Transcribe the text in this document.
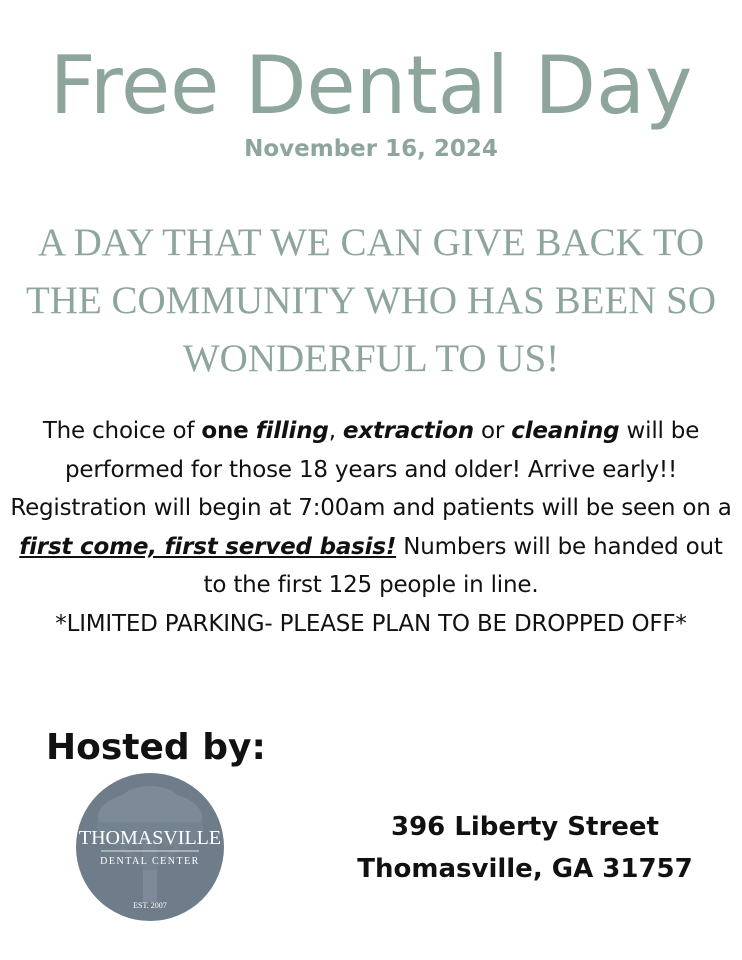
Free Dental Day
November 16, 2024
A DAY THAT WE CAN GIVE BACK TO THE COMMUNITY WHO HAS BEEN SO WONDERFUL TO US!
The choice of one filling, extraction or cleaning will be performed for those 18 years and older! Arrive early!! Registration will begin at 7:00am and patients will be seen on a first come, first served basis! Numbers will be handed out to the first 125 people in line.
*LIMITED PARKING- PLEASE PLAN TO BE DROPPED OFF*
Hosted by:
THOMASVILLE
DENTAL CENTER
EST. 2007
396 Liberty Street
Thomasville, GA 31757
